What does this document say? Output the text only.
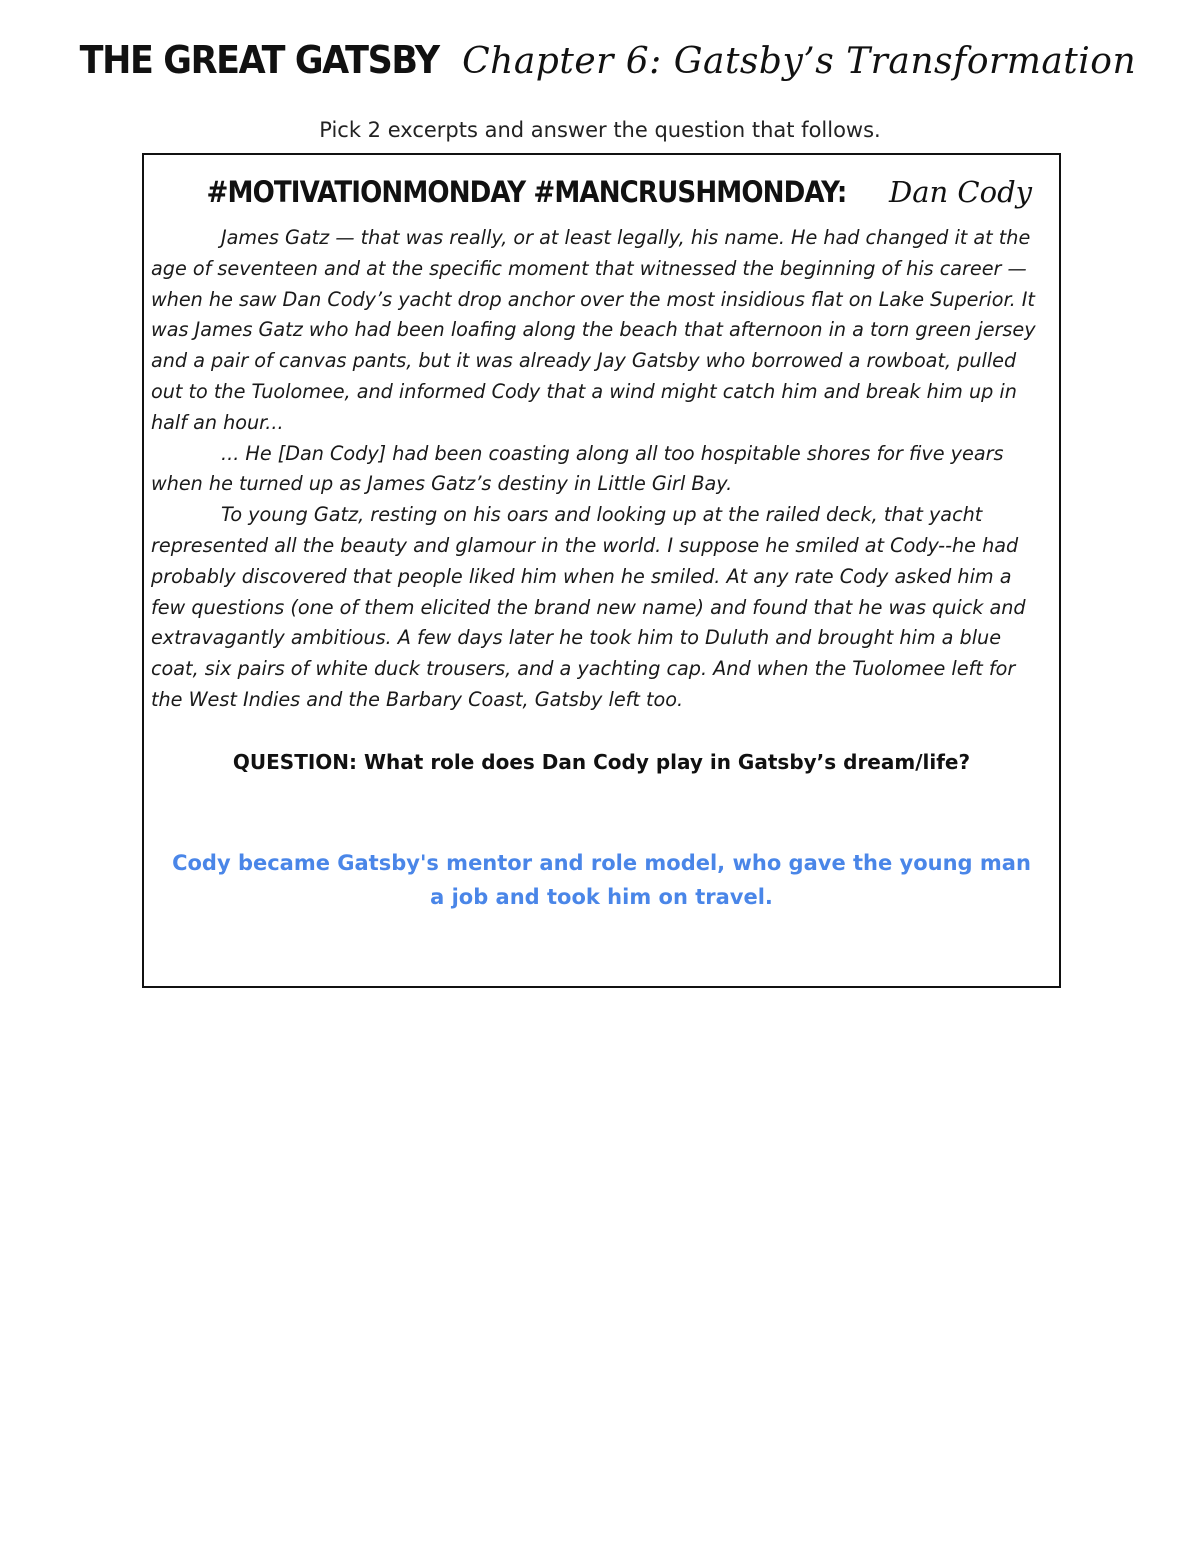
THE GREAT GATSBY Chapter 6: Gatsby’s Transformation
Pick 2 excerpts and answer the question that follows.
#MOTIVATIONMONDAY #MANCRUSHMONDAY: Dan Cody

James Gatz — that was really, or at least legally, his name. He had changed it at the age of seventeen and at the specific moment that witnessed the beginning of his career — when he saw Dan Cody’s yacht drop anchor over the most insidious flat on Lake Superior. It was James Gatz who had been loafing along the beach that afternoon in a torn green jersey and a pair of canvas pants, but it was already Jay Gatsby who borrowed a rowboat, pulled out to the Tuolomee, and informed Cody that a wind might catch him and break him up in half an hour...

... He [Dan Cody] had been coasting along all too hospitable shores for five years when he turned up as James Gatz’s destiny in Little Girl Bay.

To young Gatz, resting on his oars and looking up at the railed deck, that yacht represented all the beauty and glamour in the world. I suppose he smiled at Cody--he had probably discovered that people liked him when he smiled. At any rate Cody asked him a few questions (one of them elicited the brand new name) and found that he was quick and extravagantly ambitious. A few days later he took him to Duluth and brought him a blue coat, six pairs of white duck trousers, and a yachting cap. And when the Tuolomee left for the West Indies and the Barbary Coast, Gatsby left too.

QUESTION: What role does Dan Cody play in Gatsby’s dream/life?
Cody became Gatsby's mentor and role model, who gave the young man a job and took him on travel.
